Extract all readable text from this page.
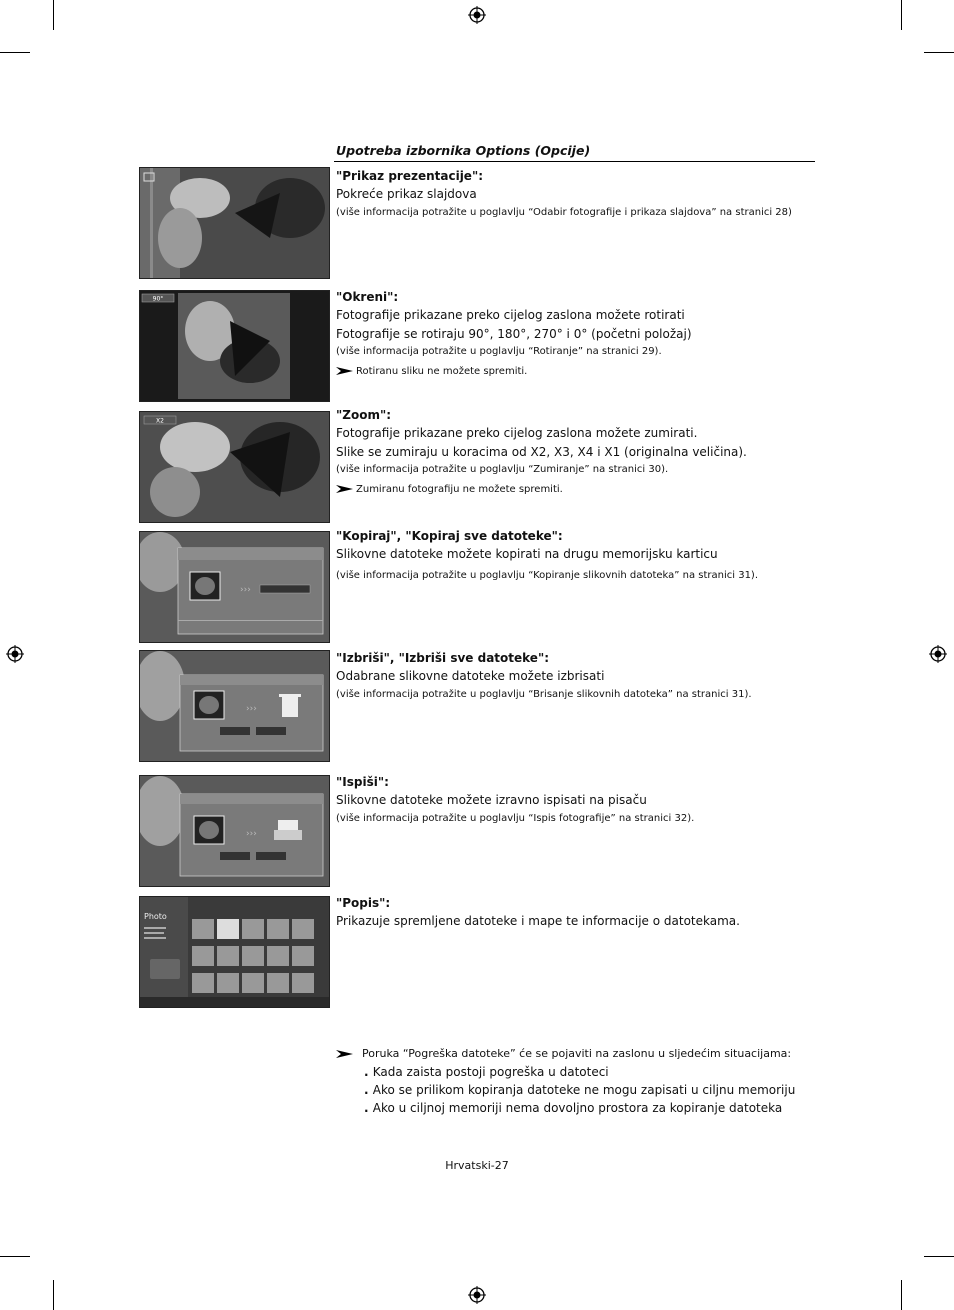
Upotreba izbornika Options (Opcije)
"Prikaz prezentacije":
Pokreće prikaz slajdova
(više informacija potražite u poglavlju “Odabir fotografije i prikaza slajdova” na stranici 28)
90°	"Okreni":
Fotografije prikazane preko cijelog zaslona možete rotirati
Fotografije se rotiraju 90°, 180°, 270° i 0° (početni položaj)
(više informacija potražite u poglavlju “Rotiranje” na stranici 29).
Rotiranu sliku ne možete spremiti.
X2	"Zoom":
Fotografije prikazane preko cijelog zaslona možete zumirati.
Slike se zumiraju u koracima od X2, X3, X4 i X1 (originalna veličina).
(više informacija potražite u poglavlju “Zumiranje” na stranici 30).
Zumiranu fotografiju ne možete spremiti.
›››
"Kopiraj", "Kopiraj sve datoteke":
Slikovne datoteke možete kopirati na drugu memorijsku karticu
(više informacija potražite u poglavlju “Kopiranje slikovnih datoteka” na stranici 31).
›››
"Izbriši", "Izbriši sve datoteke":
Odabrane slikovne datoteke možete izbrisati
(više informacija potražite u poglavlju “Brisanje slikovnih datoteka” na stranici 31).
›››
"Ispiši":
Slikovne datoteke možete izravno ispisati na pisaču
(više informacija potražite u poglavlju “Ispis fotografije” na stranici 32).
Photo
"Popis":
Prikazuje spremljene datoteke i mape te informacije o datotekama.
Poruka “Pogreška datoteke” će se pojaviti na zaslonu u sljedećim situacijama:
. Kada zaista postoji pogreška u datoteci
. Ako se prilikom kopiranja datoteke ne mogu zapisati u ciljnu memoriju
. Ako u ciljnoj memoriji nema dovoljno prostora za kopiranje datoteka
Hrvatski-27
